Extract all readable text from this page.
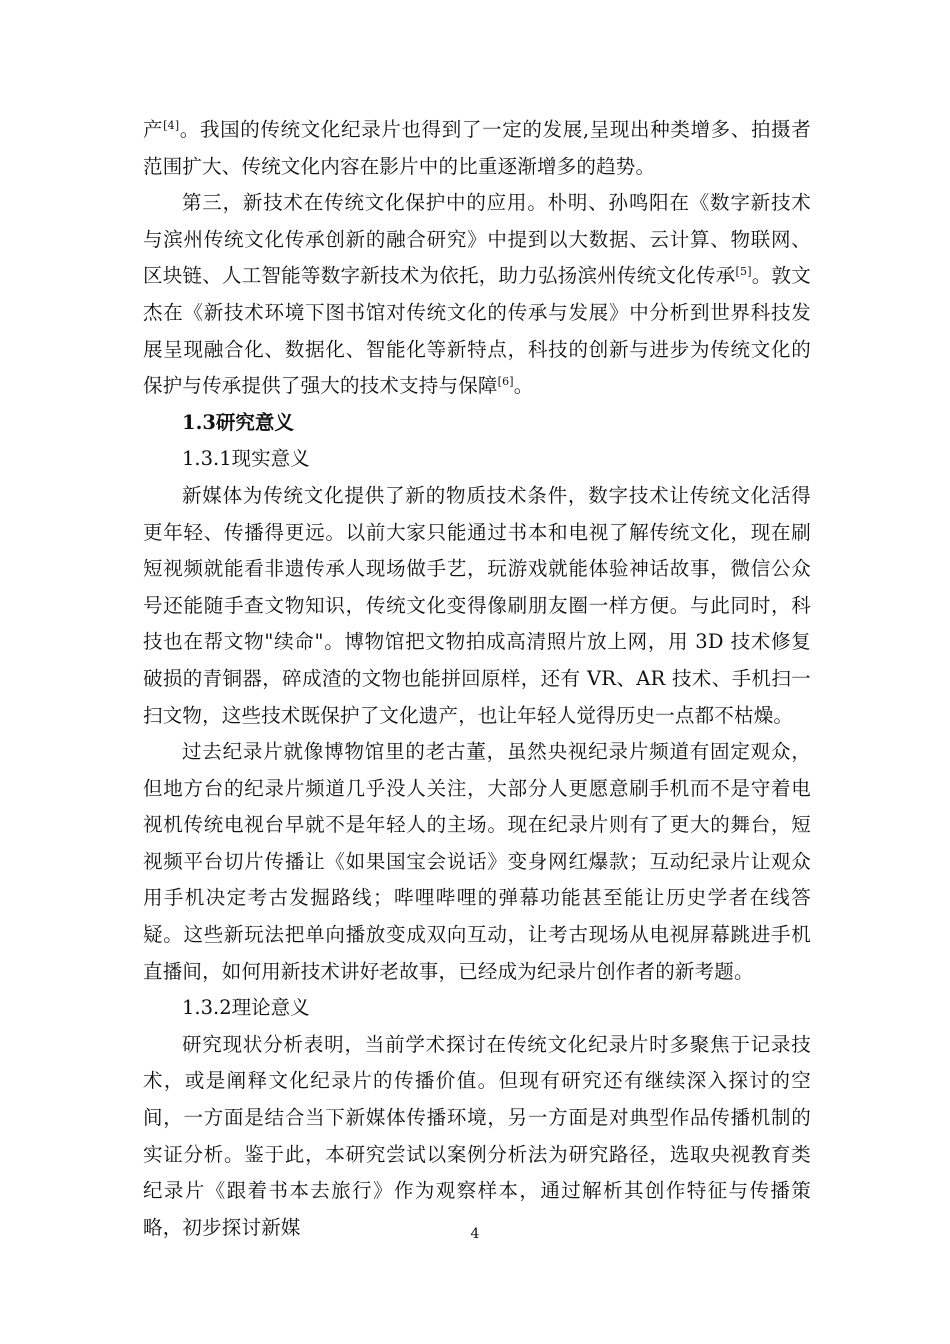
产[4]。我国的传统文化纪录片也得到了一定的发展,呈现出种类增多、拍摄者范围扩大、传统文化内容在影片中的比重逐渐增多的趋势。

第三，新技术在传统文化保护中的应用。朴明、孙鸣阳在《数字新技术与滨州传统文化传承创新的融合研究》中提到以大数据、云计算、物联网、区块链、人工智能等数字新技术为依托，助力弘扬滨州传统文化传承[5]。敦文杰在《新技术环境下图书馆对传统文化的传承与发展》中分析到世界科技发展呈现融合化、数据化、智能化等新特点，科技的创新与进步为传统文化的保护与传承提供了强大的技术支持与保障[6]。

1.3研究意义

1.3.1现实意义

新媒体为传统文化提供了新的物质技术条件，数字技术让传统文化活得更年轻、传播得更远。以前大家只能通过书本和电视了解传统文化，现在刷短视频就能看非遗传承人现场做手艺，玩游戏就能体验神话故事，微信公众号还能随手查文物知识，传统文化变得像刷朋友圈一样方便。与此同时，科技也在帮文物"续命"。博物馆把文物拍成高清照片放上网，用 3D 技术修复破损的青铜器，碎成渣的文物也能拼回原样，还有 VR、AR 技术、手机扫一扫文物，这些技术既保护了文化遗产，也让年轻人觉得历史一点都不枯燥。

过去纪录片就像博物馆里的老古董，虽然央视纪录片频道有固定观众，但地方台的纪录片频道几乎没人关注，大部分人更愿意刷手机而不是守着电视机传统电视台早就不是年轻人的主场。现在纪录片则有了更大的舞台，短视频平台切片传播让《如果国宝会说话》变身网红爆款；互动纪录片让观众用手机决定考古发掘路线；哔哩哔哩的弹幕功能甚至能让历史学者在线答疑。这些新玩法把单向播放变成双向互动，让考古现场从电视屏幕跳进手机直播间，如何用新技术讲好老故事，已经成为纪录片创作者的新考题。

1.3.2理论意义

研究现状分析表明，当前学术探讨在传统文化纪录片时多聚焦于记录技术，或是阐释文化纪录片的传播价值。但现有研究还有继续深入探讨的空间，一方面是结合当下新媒体传播环境，另一方面是对典型作品传播机制的实证分析。鉴于此，本研究尝试以案例分析法为研究路径，选取央视教育类纪录片《跟着书本去旅行》作为观察样本，通过解析其创作特征与传播策略，初步探讨新媒	4
